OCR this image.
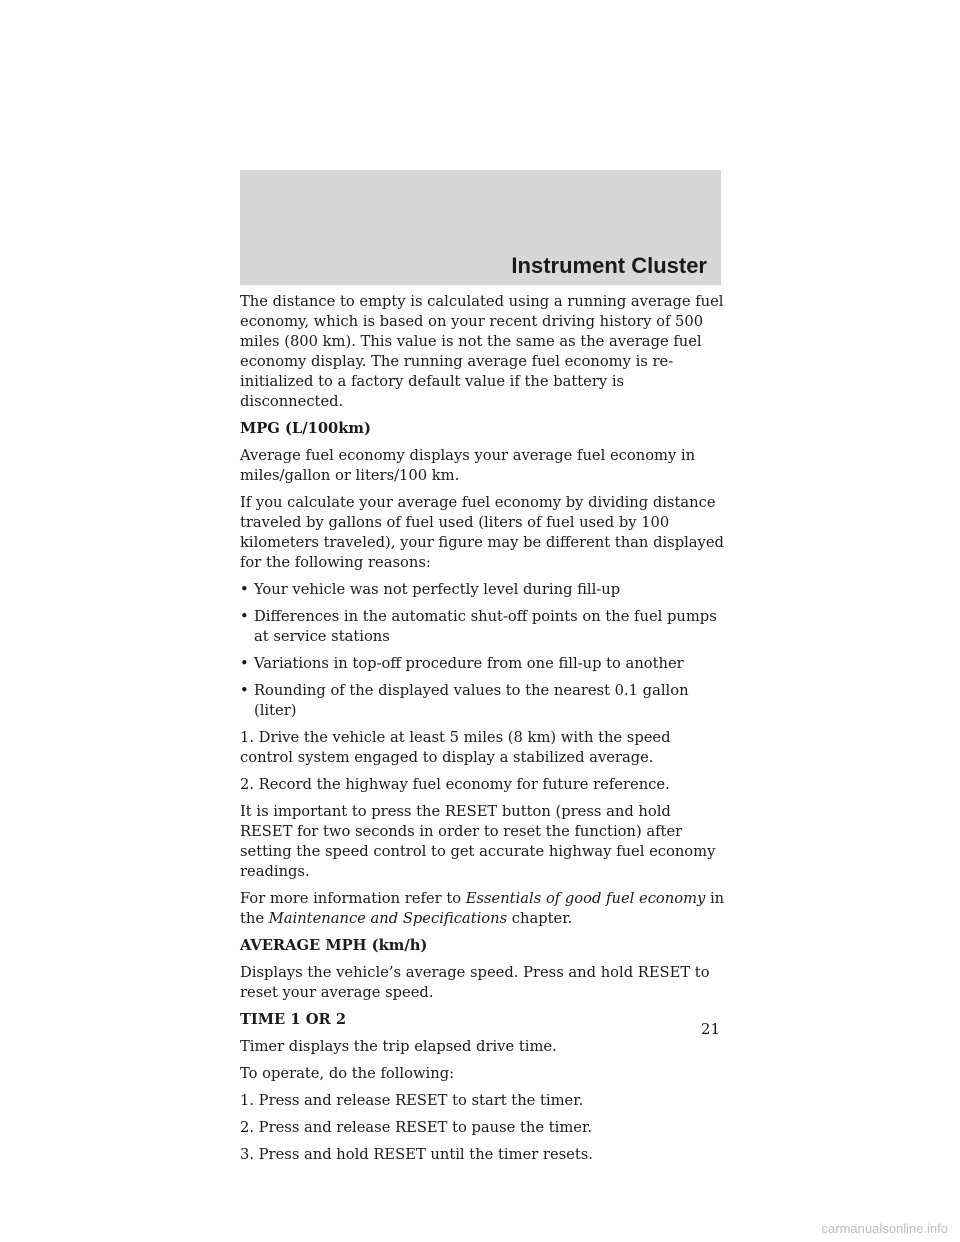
Instrument Cluster

The distance to empty is calculated using a running average fuel economy, which is based on your recent driving history of 500 miles (800 km). This value is not the same as the average fuel economy display. The running average fuel economy is re-initialized to a factory default value if the battery is disconnected.

MPG (L/100km)

Average fuel economy displays your average fuel economy in miles/gallon or liters/100 km.

If you calculate your average fuel economy by dividing distance traveled by gallons of fuel used (liters of fuel used by 100 kilometers traveled), your figure may be different than displayed for the following reasons:

• Your vehicle was not perfectly level during fill-up
• Differences in the automatic shut-off points on the fuel pumps at service stations
• Variations in top-off procedure from one fill-up to another
• Rounding of the displayed values to the nearest 0.1 gallon (liter)

1. Drive the vehicle at least 5 miles (8 km) with the speed control system engaged to display a stabilized average.

2. Record the highway fuel economy for future reference.

It is important to press the RESET button (press and hold RESET for two seconds in order to reset the function) after setting the speed control to get accurate highway fuel economy readings.

For more information refer to Essentials of good fuel economy in the Maintenance and Specifications chapter.

AVERAGE MPH (km/h)

Displays the vehicle’s average speed. Press and hold RESET to reset your average speed.

TIME 1 OR 2

Timer displays the trip elapsed drive time.

To operate, do the following:

1. Press and release RESET to start the timer.

2. Press and release RESET to pause the timer.

3. Press and hold RESET until the timer resets.

21
carmanualsonline.info
